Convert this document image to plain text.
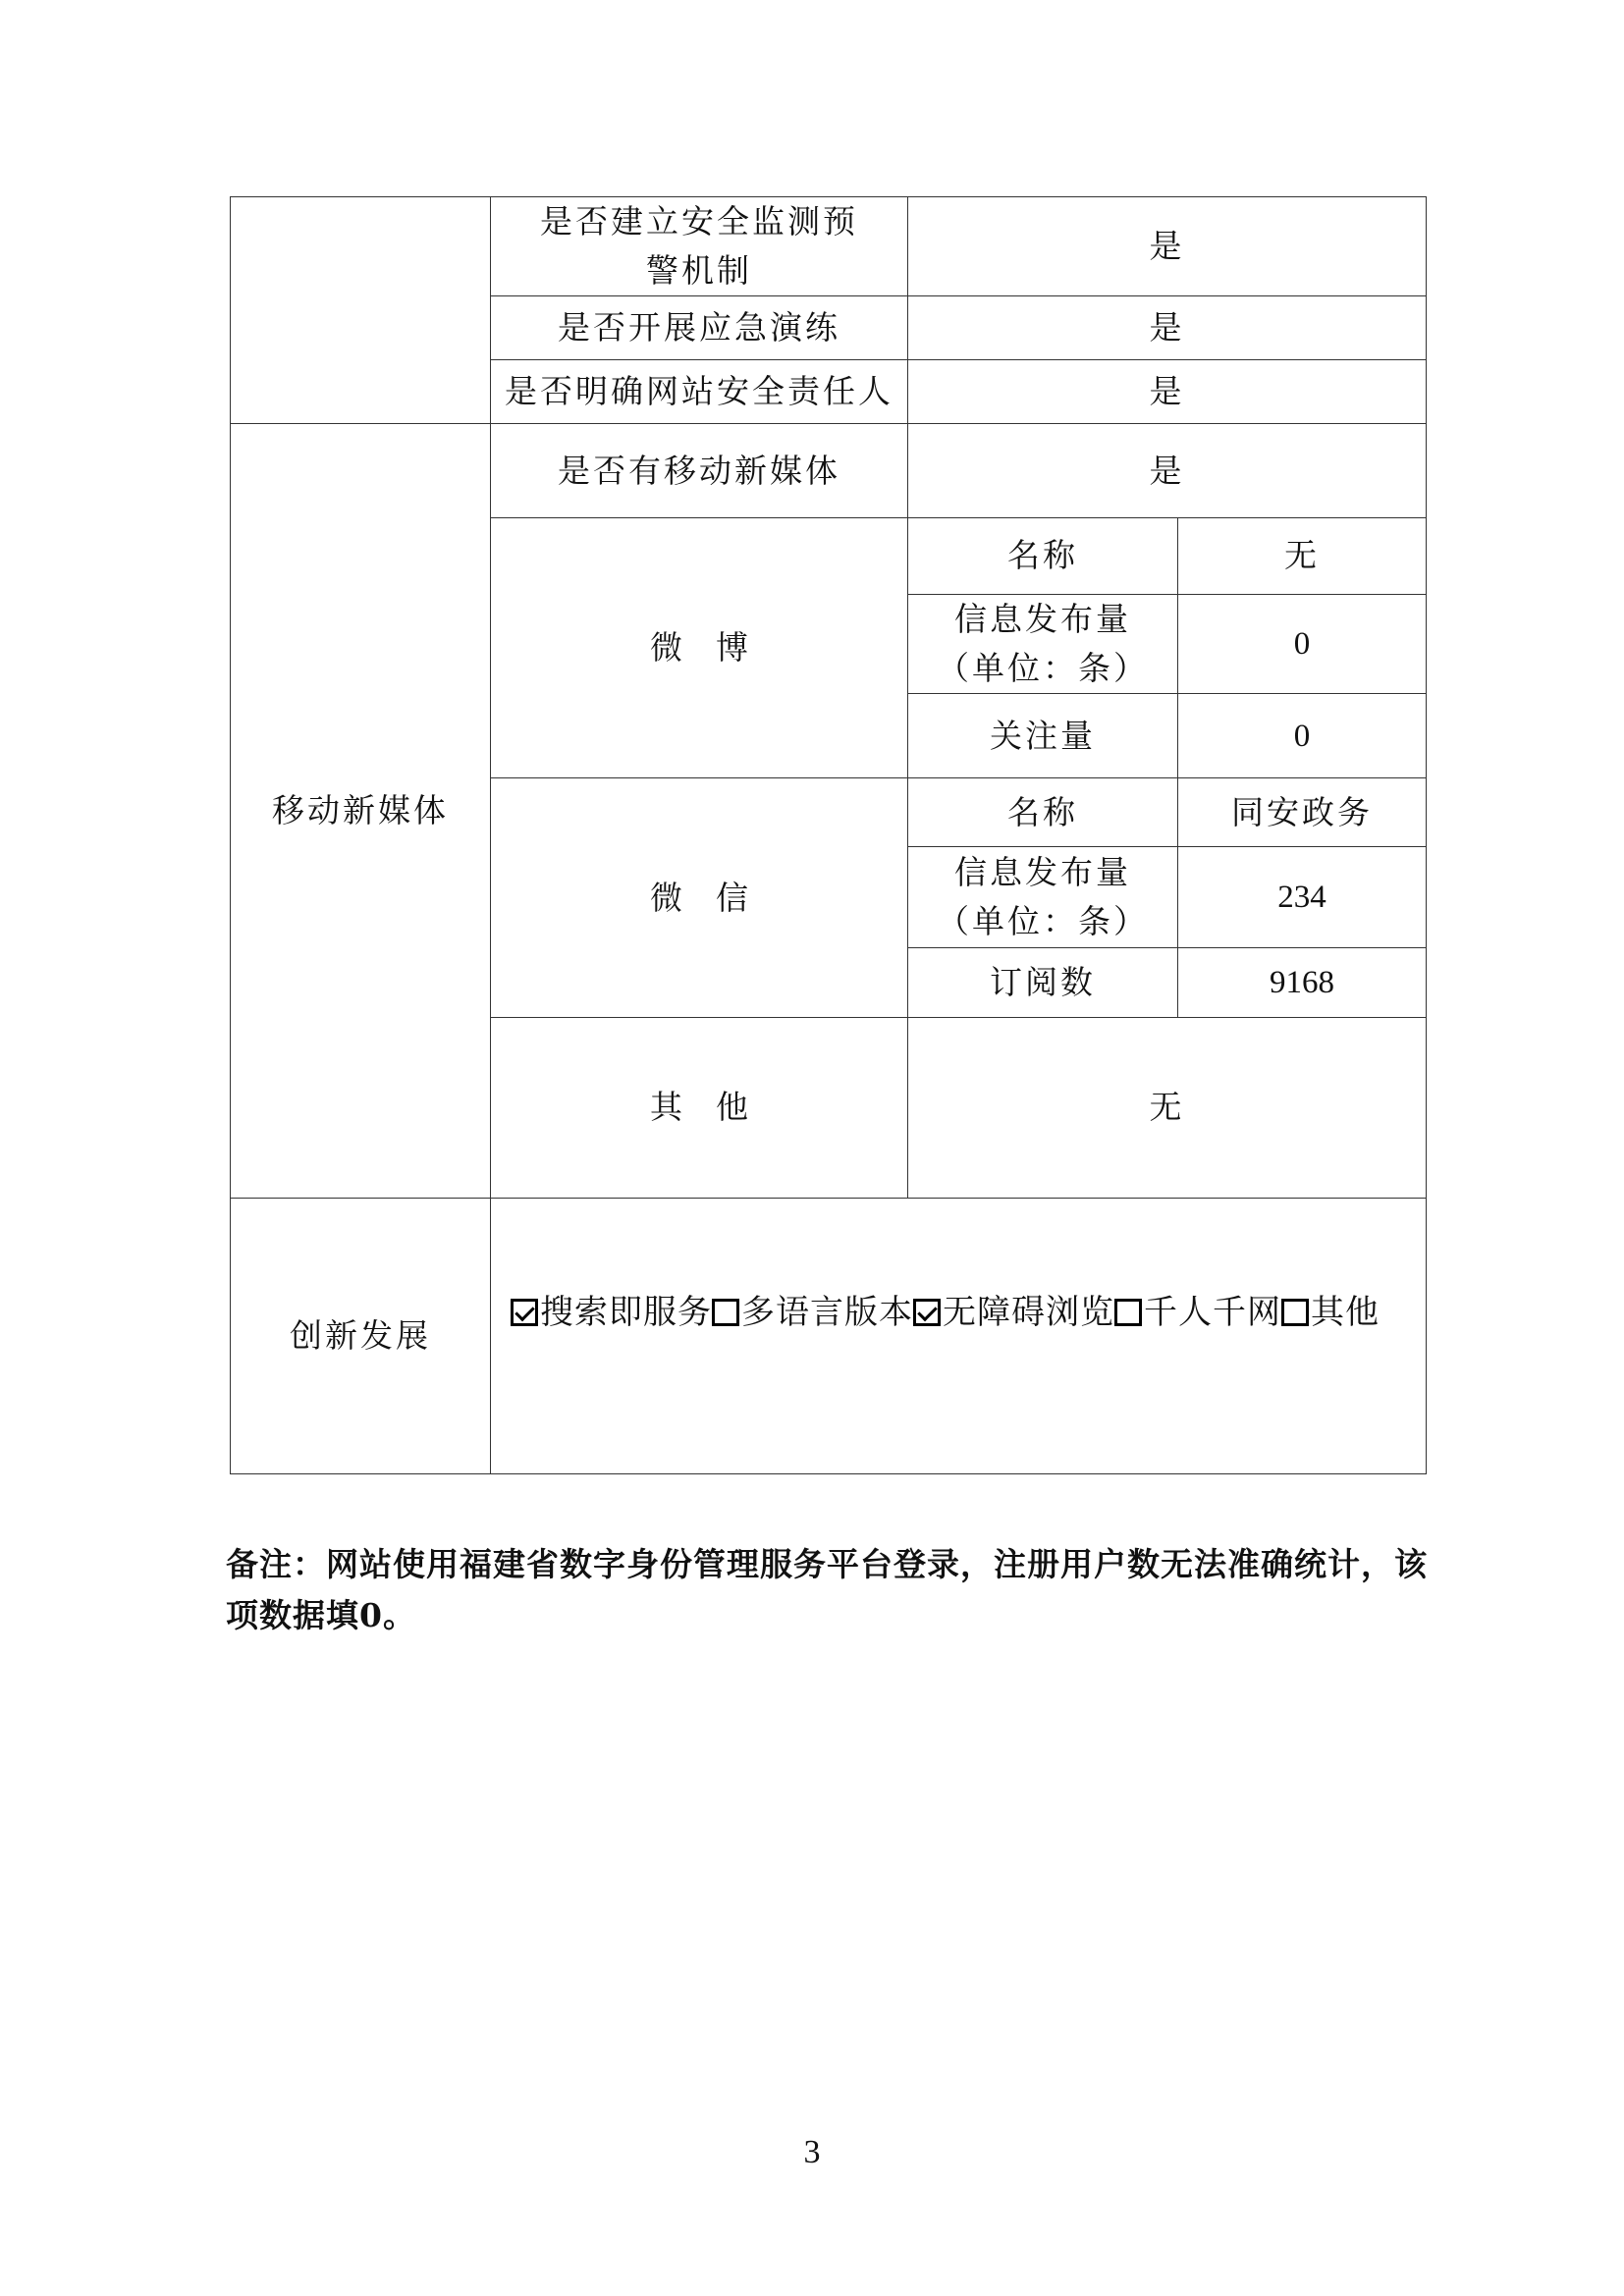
	是否建立安全监测预警机制	是	
	是否开展应急演练	是	
	是否明确网站安全责任人	是	
移动新媒体	是否有移动新媒体	是	
	微博	名称	无

		信息发布量
（单位：条）	0
		关注量	0
	微信	名称	同安政务

		信息发布量
（单位：条）	234
		订阅数	9168
	其他	无	
创新发展	搜索即服务 多语言版本 无障碍浏览 千人千网 其他		
备注：网站使用福建省数字身份管理服务平台登录，注册用户数无法准确统计，该项数据填0。
3
